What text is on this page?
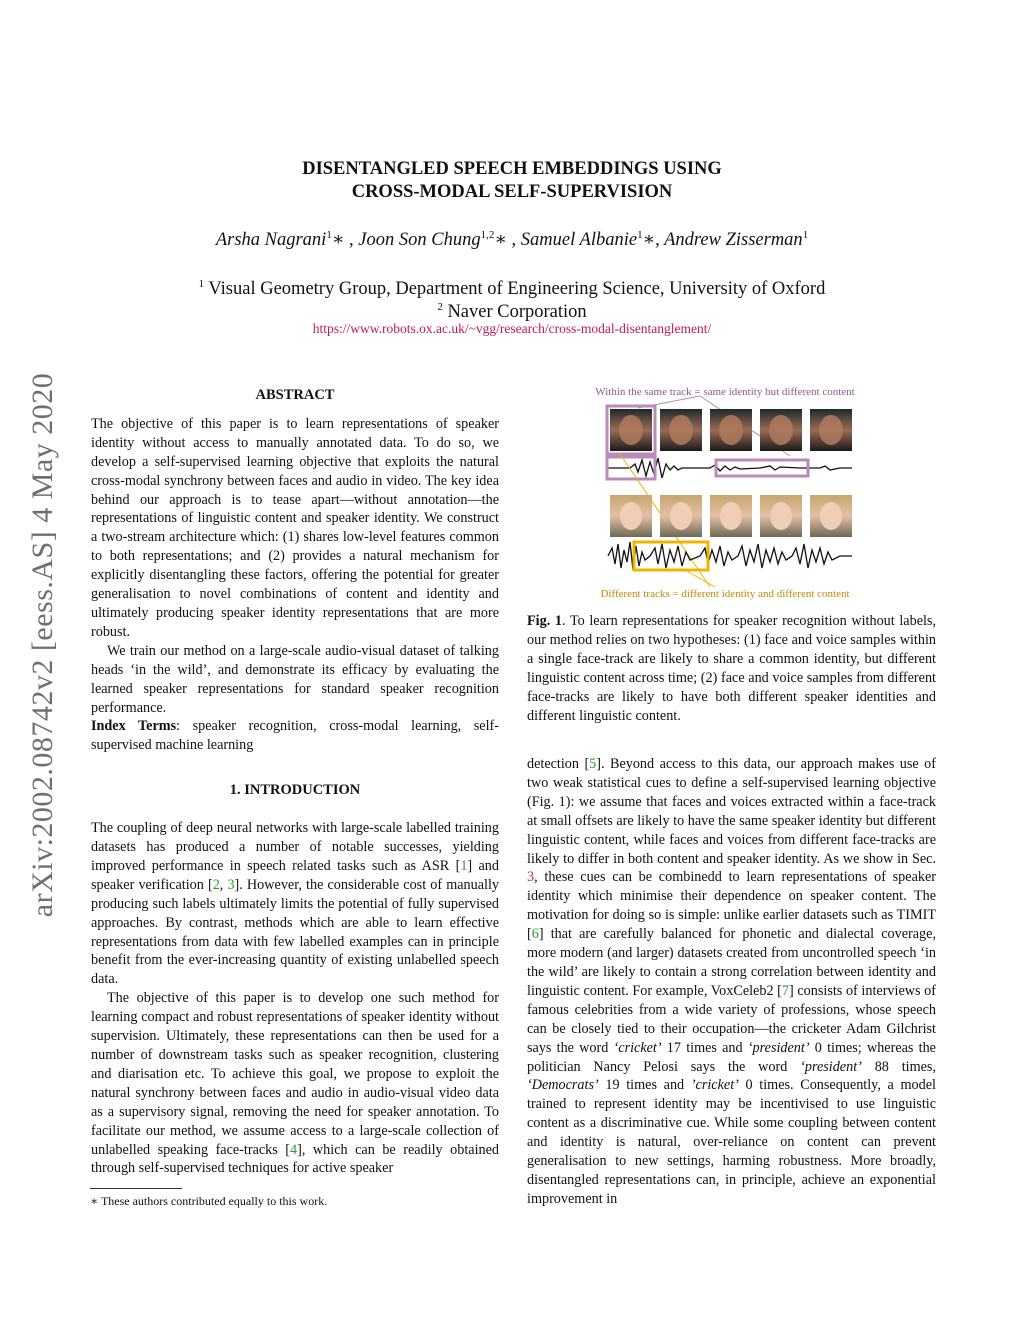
arXiv:2002.08742v2 [eess.AS] 4 May 2020
DISENTANGLED SPEECH EMBEDDINGS USING
CROSS-MODAL SELF-SUPERVISION
Arsha Nagrani$^1$∗ , Joon Son Chung$^{1,2}$∗ , Samuel Albanie$^1$∗, Andrew Zisserman$^1$
$^1$ Visual Geometry Group, Department of Engineering Science, University of Oxford
$^2$ Naver Corporation
https://www.robots.ox.ac.uk/~vgg/research/cross-modal-disentanglement/

ABSTRACT

The objective of this paper is to learn representations of speaker identity without access to manually annotated data. To do so, we develop a self-supervised learning objective that exploits the natural cross-modal synchrony between faces and audio in video. The key idea behind our approach is to tease apart—without annotation—the representations of linguistic content and speaker identity. We construct a two-stream architecture which: (1) shares low-level features common to both representations; and (2) provides a natural mechanism for explicitly disentangling these factors, offering the potential for greater generalisation to novel combinations of content and identity and ultimately producing speaker identity representations that are more robust.

We train our method on a large-scale audio-visual dataset of talking heads ‘in the wild’, and demonstrate its efficacy by evaluating the learned speaker representations for standard speaker recognition performance.

Index Terms: speaker recognition, cross-modal learning, self-supervised machine learning

1. INTRODUCTION

The coupling of deep neural networks with large-scale labelled training datasets has produced a number of notable successes, yielding improved performance in speech related tasks such as ASR [1] and speaker verification [2, 3]. However, the considerable cost of manually producing such labels ultimately limits the potential of fully supervised approaches. By contrast, methods which are able to learn effective representations from data with few labelled examples can in principle benefit from the ever-increasing quantity of existing unlabelled speech data.

The objective of this paper is to develop one such method for learning compact and robust representations of speaker identity without supervision. Ultimately, these representations can then be used for a number of downstream tasks such as speaker recognition, clustering and diarisation etc. To achieve this goal, we propose to exploit the natural synchrony between faces and audio in audio-visual video data as a supervisory signal, removing the need for speaker annotation. To facilitate our method, we assume access to a large-scale collection of unlabelled speaking face-tracks [4], which can be readily obtained through self-supervised techniques for active speaker

∗ These authors contributed equally to this work.
Within the same track = same identity but different content
Different tracks = different identity and different content
Fig. 1. To learn representations for speaker recognition without labels, our method relies on two hypotheses: (1) face and voice samples within a single face-track are likely to share a common identity, but different linguistic content across time; (2) face and voice samples from different face-tracks are likely to have both different speaker identities and different linguistic content.

detection [5]. Beyond access to this data, our approach makes use of two weak statistical cues to define a self-supervised learning objective (Fig. 1): we assume that faces and voices extracted within a face-track at small offsets are likely to have the same speaker identity but different linguistic content, while faces and voices from different face-tracks are likely to differ in both content and speaker identity. As we show in Sec. 3, these cues can be combinedd to learn representations of speaker identity which minimise their dependence on speaker content. The motivation for doing so is simple: unlike earlier datasets such as TIMIT [6] that are carefully balanced for phonetic and dialectal coverage, more modern (and larger) datasets created from uncontrolled speech ‘in the wild’ are likely to contain a strong correlation between identity and linguistic content. For example, VoxCeleb2 [7] consists of interviews of famous celebrities from a wide variety of professions, whose speech can be closely tied to their occupation—the cricketer Adam Gilchrist says the word ‘cricket’ 17 times and ‘president’ 0 times; whereas the politician Nancy Pelosi says the word ‘president’ 88 times, ‘Democrats’ 19 times and ’cricket’ 0 times. Consequently, a model trained to represent identity may be incentivised to use linguistic content as a discriminative cue. While some coupling between content and identity is natural, over-reliance on content can prevent generalisation to new settings, harming robustness. More broadly, disentangled representations can, in principle, achieve an exponential improvement in
